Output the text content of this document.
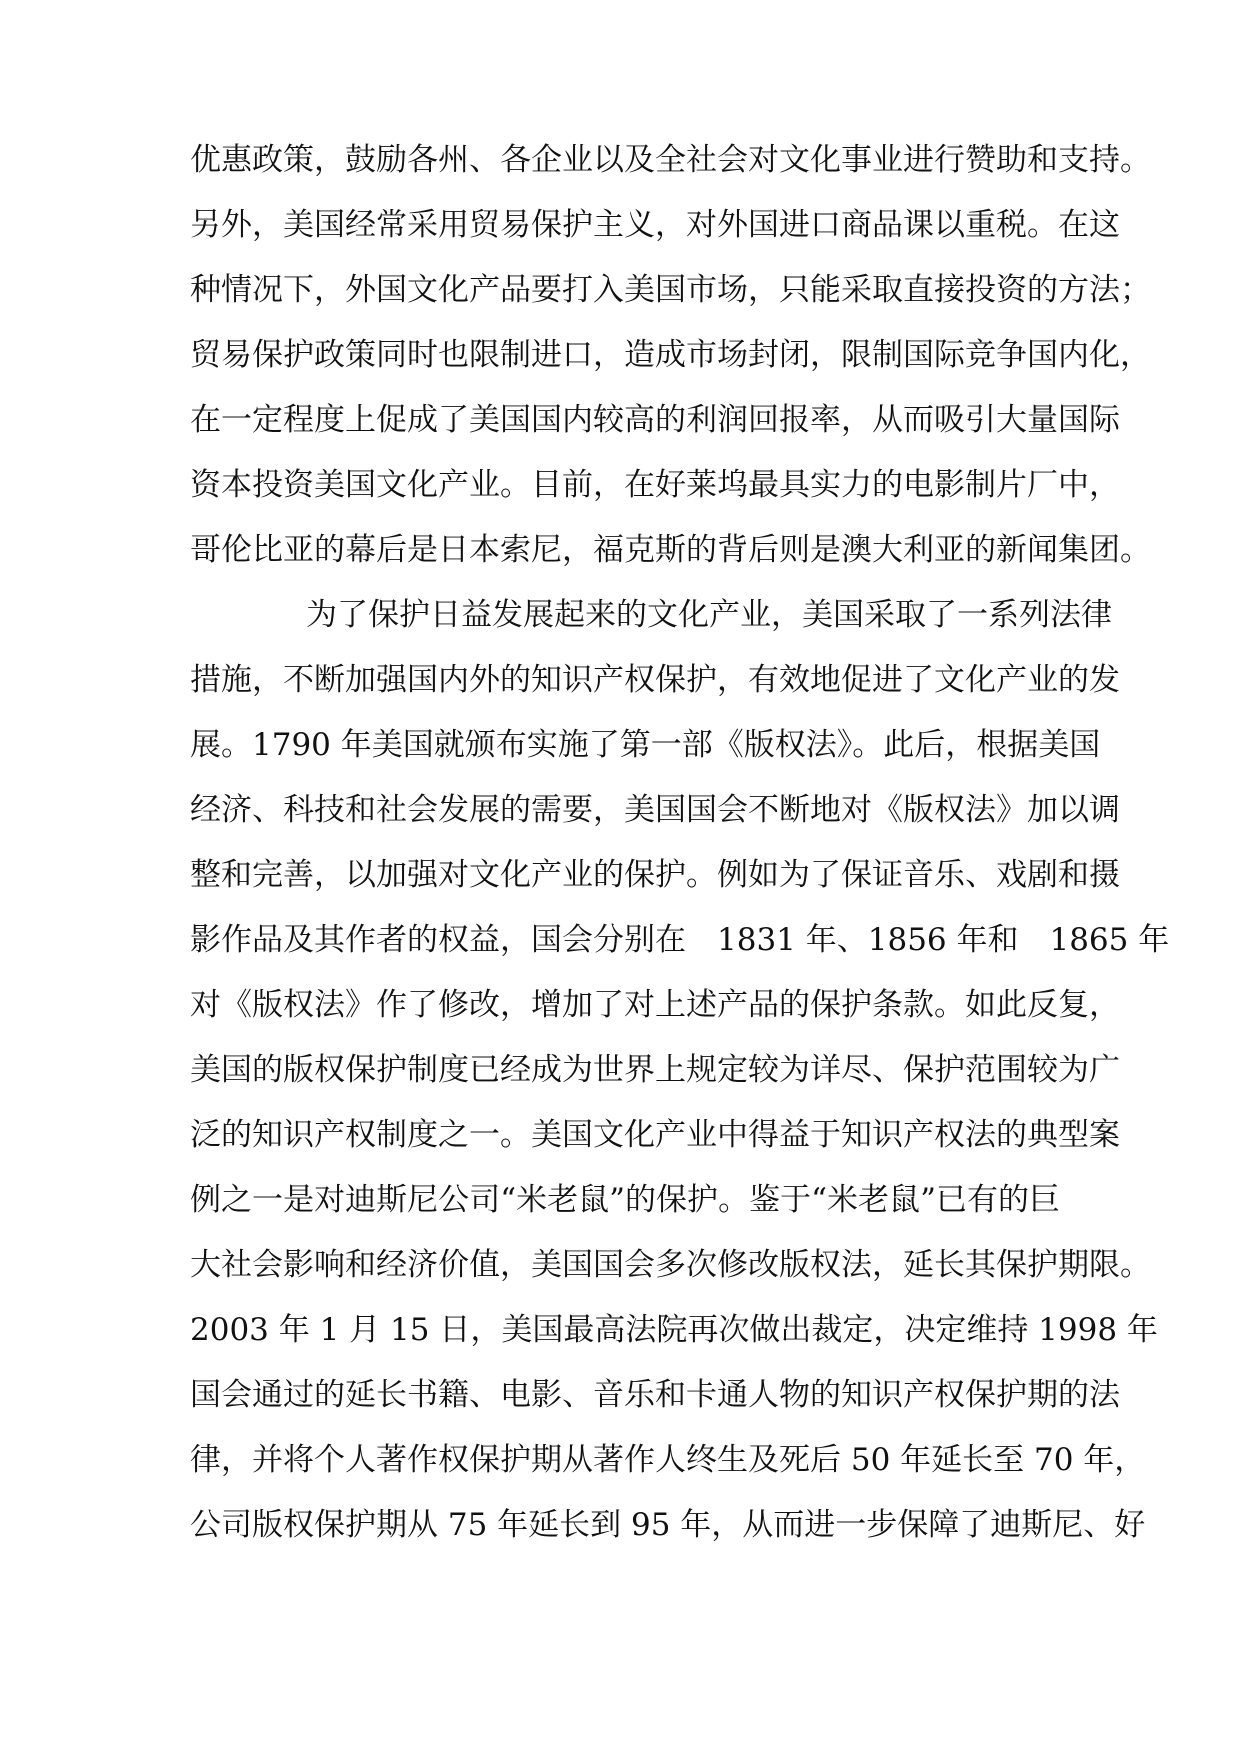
优惠政策，鼓励各州、各企业以及全社会对文化事业进行赞助和支持。
另外，美国经常采用贸易保护主义，对外国进口商品课以重税。在这
种情况下，外国文化产品要打入美国市场，只能采取直接投资的方法；
贸易保护政策同时也限制进口，造成市场封闭，限制国际竞争国内化，
在一定程度上促成了美国国内较高的利润回报率，从而吸引大量国际
资本投资美国文化产业。目前，在好莱坞最具实力的电影制片厂中，
哥伦比亚的幕后是日本索尼，福克斯的背后则是澳大利亚的新闻集团。
为了保护日益发展起来的文化产业，美国采取了一系列法律
措施，不断加强国内外的知识产权保护，有效地促进了文化产业的发
展。1790 年美国就颁布实施了第一部《版权法》。此后，根据美国
经济、科技和社会发展的需要，美国国会不断地对《版权法》加以调
整和完善，以加强对文化产业的保护。例如为了保证音乐、戏剧和摄
影作品及其作者的权益，国会分别在　1831 年、1856 年和　1865 年
对《版权法》作了修改，增加了对上述产品的保护条款。如此反复，
美国的版权保护制度已经成为世界上规定较为详尽、保护范围较为广
泛的知识产权制度之一。美国文化产业中得益于知识产权法的典型案
例之一是对迪斯尼公司“米老鼠”的保护。鉴于“米老鼠”已有的巨
大社会影响和经济价值，美国国会多次修改版权法，延长其保护期限。
2003 年 1 月 15 日，美国最高法院再次做出裁定，决定维持 1998 年
国会通过的延长书籍、电影、音乐和卡通人物的知识产权保护期的法
律，并将个人著作权保护期从著作人终生及死后 50 年延长至 70 年，
公司版权保护期从 75 年延长到 95 年，从而进一步保障了迪斯尼、好
